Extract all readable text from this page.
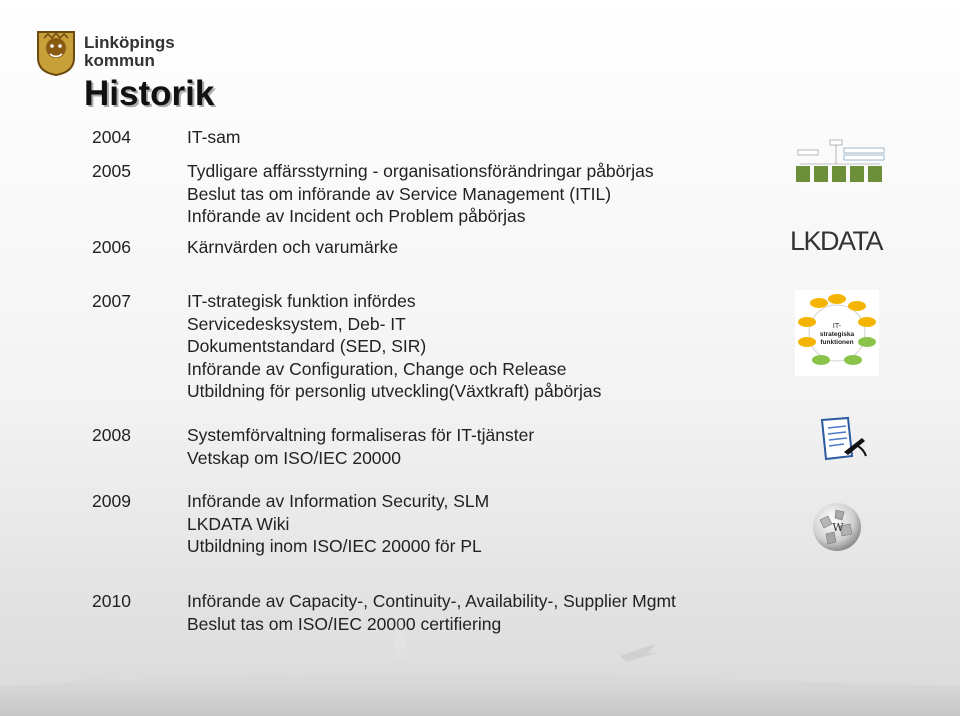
Linköpings
kommun
Historik
2004	IT-sam
2005	Tydligare affärsstyrning - organisationsförändringar påbörjas
Beslut tas om införande av Service Management (ITIL)
Införande av Incident och Problem påbörjas
2006	Kärnvärden och varumärke
2007	IT-strategisk funktion infördes
Servicedesksystem, Deb- IT
Dokumentstandard (SED, SIR)
Införande av Configuration, Change och Release
Utbildning för personlig utveckling(Växtkraft) påbörjas
2008	Systemförvaltning formaliseras för IT-tjänster
Vetskap om ISO/IEC 20000
2009	Införande av Information Security, SLM
LKDATA Wiki
Utbildning inom ISO/IEC 20000 för PL
2010	Införande av Capacity-, Continuity-, Availability-, Supplier Mgmt
Beslut tas om ISO/IEC 20000 certifiering
LKDATA
IT-
strategiska
funktionen
W
